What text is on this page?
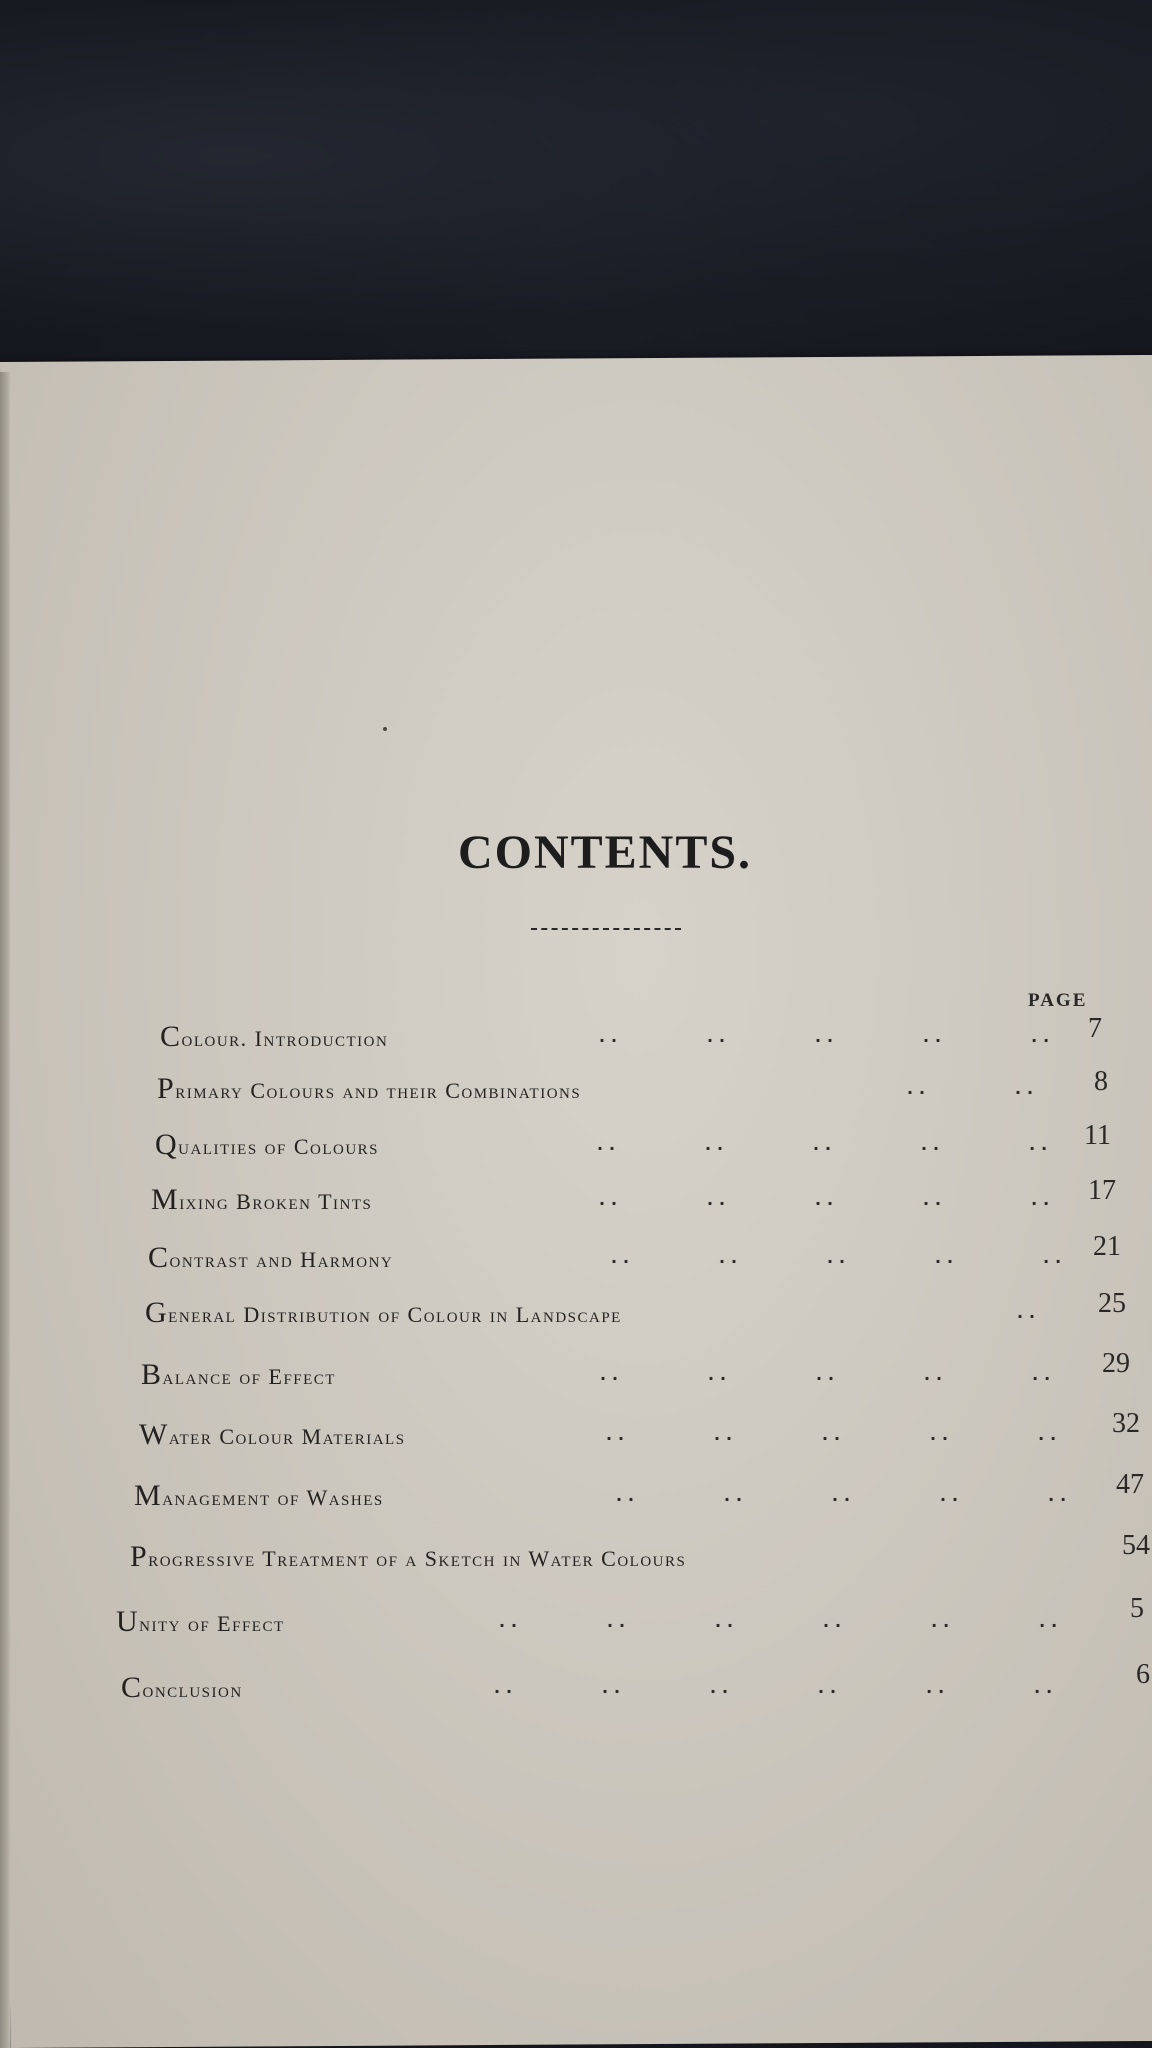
CONTENTS.
PAGE
Colour. Introduction	..       ..       ..       ..       .. 7
Primary Colours and their Combinations	..       .. 8
Qualities of Colours	..       ..       ..       ..       .. 11
Mixing Broken Tints	..       ..       ..       ..       .. 17
Contrast and Harmony	..       ..       ..       ..       .. 21
General Distribution of Colour in Landscape	.. 25
Balance of Effect	..       ..       ..       ..       .. 29
Water Colour Materials	..       ..       ..       ..       .. 32
Management of Washes	..       ..       ..       ..       .. 47
Progressive Treatment of a Sketch in Water Colours	54
Unity of Effect	..       ..       ..       ..       ..       .. 5
Conclusion	..       ..       ..       ..       ..       ..	6
